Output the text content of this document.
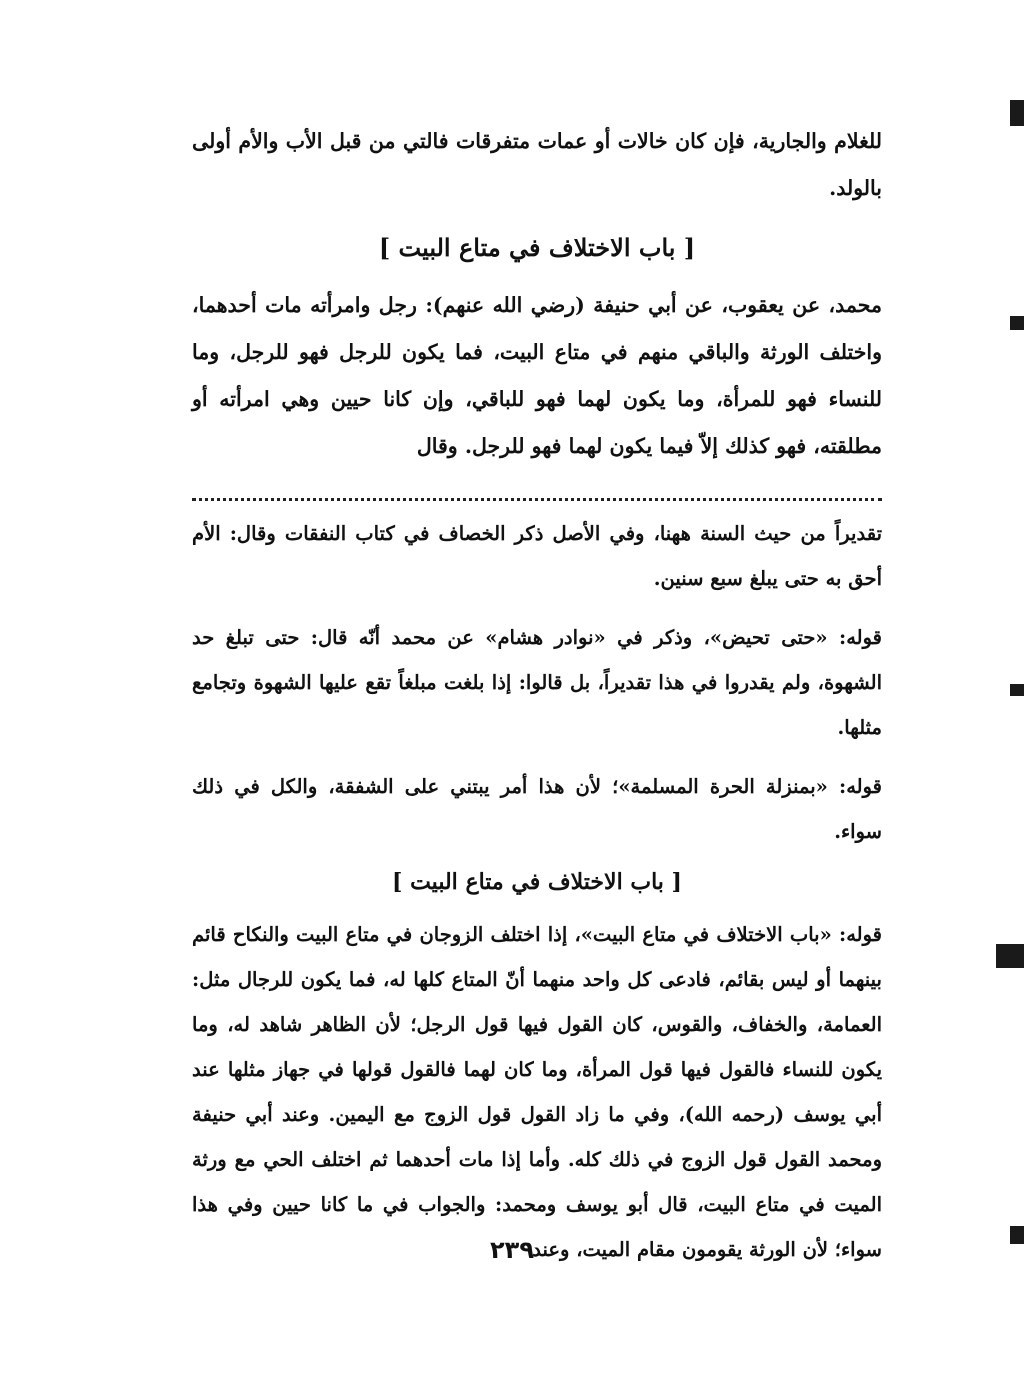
للغلام والجارية، فإن كان خالات أو عمات متفرقات فالتي من قبل الأب والأم أولى بالولد.

[ باب الاختلاف في متاع البيت ]

محمد، عن يعقوب، عن أبي حنيفة (رضي الله عنهم): رجل وامرأته مات أحدهما، واختلف الورثة والباقي منهم في متاع البيت، فما يكون للرجل فهو للرجل، وما للنساء فهو للمرأة، وما يكون لهما فهو للباقي، وإن كانا حيين وهي امرأته أو مطلقته، فهو كذلك إلاّ فيما يكون لهما فهو للرجل. وقال

تقديراً من حيث السنة ههنا، وفي الأصل ذكر الخصاف في كتاب النفقات وقال: الأم أحق به حتى يبلغ سبع سنين.

قوله: «حتى تحيض»، وذكر في «نوادر هشام» عن محمد أنّه قال: حتى تبلغ حد الشهوة، ولم يقدروا في هذا تقديراً، بل قالوا: إذا بلغت مبلغاً تقع عليها الشهوة وتجامع مثلها.

قوله: «بمنزلة الحرة المسلمة»؛ لأن هذا أمر يبتني على الشفقة، والكل في ذلك سواء.

[ باب الاختلاف في متاع البيت ]

قوله: «باب الاختلاف في متاع البيت»، إذا اختلف الزوجان في متاع البيت والنكاح قائم بينهما أو ليس بقائم، فادعى كل واحد منهما أنّ المتاع كلها له، فما يكون للرجال مثل: العمامة، والخفاف، والقوس، كان القول فيها قول الرجل؛ لأن الظاهر شاهد له، وما يكون للنساء فالقول فيها قول المرأة، وما كان لهما فالقول قولها في جهاز مثلها عند أبي يوسف (رحمه الله)، وفي ما زاد القول قول الزوج مع اليمين. وعند أبي حنيفة ومحمد القول قول الزوج في ذلك كله. وأما إذا مات أحدهما ثم اختلف الحي مع ورثة الميت في متاع البيت، قال أبو يوسف ومحمد: والجواب في ما كانا حيين وفي هذا سواء؛ لأن الورثة يقومون مقام الميت، وعند

٢٣٩
